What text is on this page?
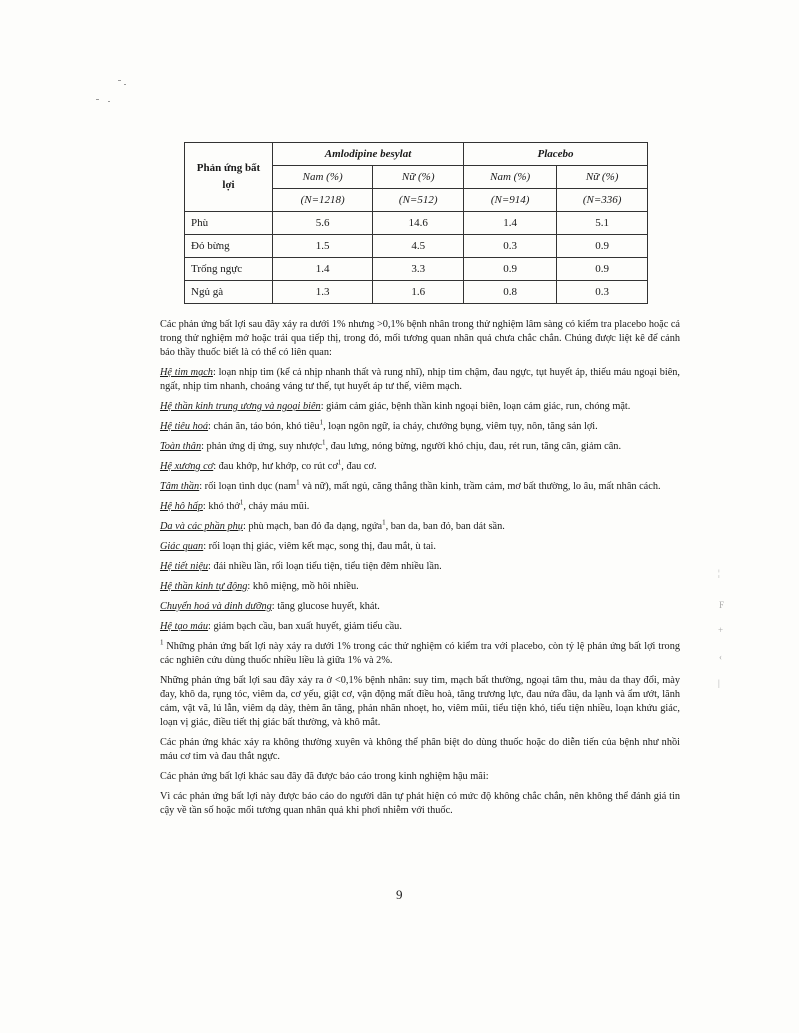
¦
F
+
‹
|
Phản ứng bất lợi	Amlodipine besylat		Placebo	
	Nam (%)	Nữ (%)	Nam (%)	Nữ (%)
	(N=1218)	(N=512)	(N=914)	(N=336)
Phù	5.6	14.6	1.4	5.1
Đỏ bừng	1.5	4.5	0.3	0.9
Trống ngực	1.4	3.3	0.9	0.9
Ngủ gà	1.3	1.6	0.8	0.3

Các phản ứng bất lợi sau đây xảy ra dưới 1% nhưng >0,1% bệnh nhân trong thử nghiệm lâm sàng có kiểm tra placebo hoặc cả trong thử nghiệm mở hoặc trải qua tiếp thị, trong đó, mối tương quan nhân quả chưa chắc chắn. Chúng được liệt kê để cảnh báo thầy thuốc biết là có thể có liên quan:

Hệ tim mạch: loạn nhịp tim (kể cả nhịp nhanh thất và rung nhĩ), nhịp tim chậm, đau ngực, tụt huyết áp, thiếu máu ngoại biên, ngất, nhịp tim nhanh, choáng váng tư thế, tụt huyết áp tư thế, viêm mạch.

Hệ thần kinh trung ương và ngoại biên: giảm cảm giác, bệnh thần kinh ngoại biên, loạn cảm giác, run, chóng mặt.

Hệ tiêu hoá: chán ăn, táo bón, khó tiêu$^1$, loạn ngôn ngữ, ỉa chảy, chướng bụng, viêm tụy, nôn, tăng sản lợi.

Toàn thân: phản ứng dị ứng, suy nhược$^1$, đau lưng, nóng bừng, người khó chịu, đau, rét run, tăng cân, giảm cân.

Hệ xương cơ: đau khớp, hư khớp, co rút $cơ^1$, đau cơ.

Tâm thần: rối loạn tình dục (nam$^1$ và nữ), mất ngủ, căng thẳng thần kinh, trầm cảm, mơ bất thường, lo âu, mất nhân cách.

Hệ hô hấp: khó thở$^1$, chảy máu mũi.

Da và các phần phụ: phù mạch, ban đỏ đa dạng, ngứa$^1$, ban da, ban đỏ, ban dát sần.

Giác quan: rối loạn thị giác, viêm kết mạc, song thị, đau mắt, ù tai.

Hệ tiết niệu: đái nhiều lần, rối loạn tiểu tiện, tiểu tiện đêm nhiều lần.

Hệ thần kinh tự động: khô miệng, mồ hôi nhiều.

Chuyển hoá và dinh dưỡng: tăng glucose huyết, khát.

Hệ tạo máu: giảm bạch cầu, ban xuất huyết, giảm tiểu cầu.

$^1$ Những phản ứng bất lợi này xảy ra dưới 1% trong các thử nghiệm có kiểm tra với placebo, còn tỷ lệ phản ứng bất lợi trong các nghiên cứu dùng thuốc nhiều liều là giữa 1% và 2%.

Những phản ứng bất lợi sau đây xảy ra ở <0,1% bệnh nhân: suy tim, mạch bất thường, ngoại tâm thu, màu da thay đổi, mày đay, khô da, rụng tóc, viêm da, cơ yếu, giật cơ, vận động mất điều hoà, tăng trương lực, đau nửa đầu, da lạnh và ẩm ướt, lãnh cảm, vật vã, lú lẫn, viêm dạ dày, thèm ăn tăng, phản nhãn nhoẹt, ho, viêm mũi, tiểu tiện khó, tiểu tiện nhiều, loạn khứu giác, loạn vị giác, điều tiết thị giác bất thường, và khô mắt.

Các phản ứng khác xảy ra không thường xuyên và không thể phân biệt do dùng thuốc hoặc do diễn tiến của bệnh như nhồi máu cơ tim và đau thắt ngực.

Các phản ứng bất lợi khác sau đây đã được báo cáo trong kinh nghiệm hậu mãi:

Vì các phản ứng bất lợi này được báo cáo do người dân tự phát hiện có mức độ không chắc chắn, nên không thể đánh giá tin cậy về tần số hoặc mối tương quan nhân quả khi phơi nhiễm với thuốc.

9
